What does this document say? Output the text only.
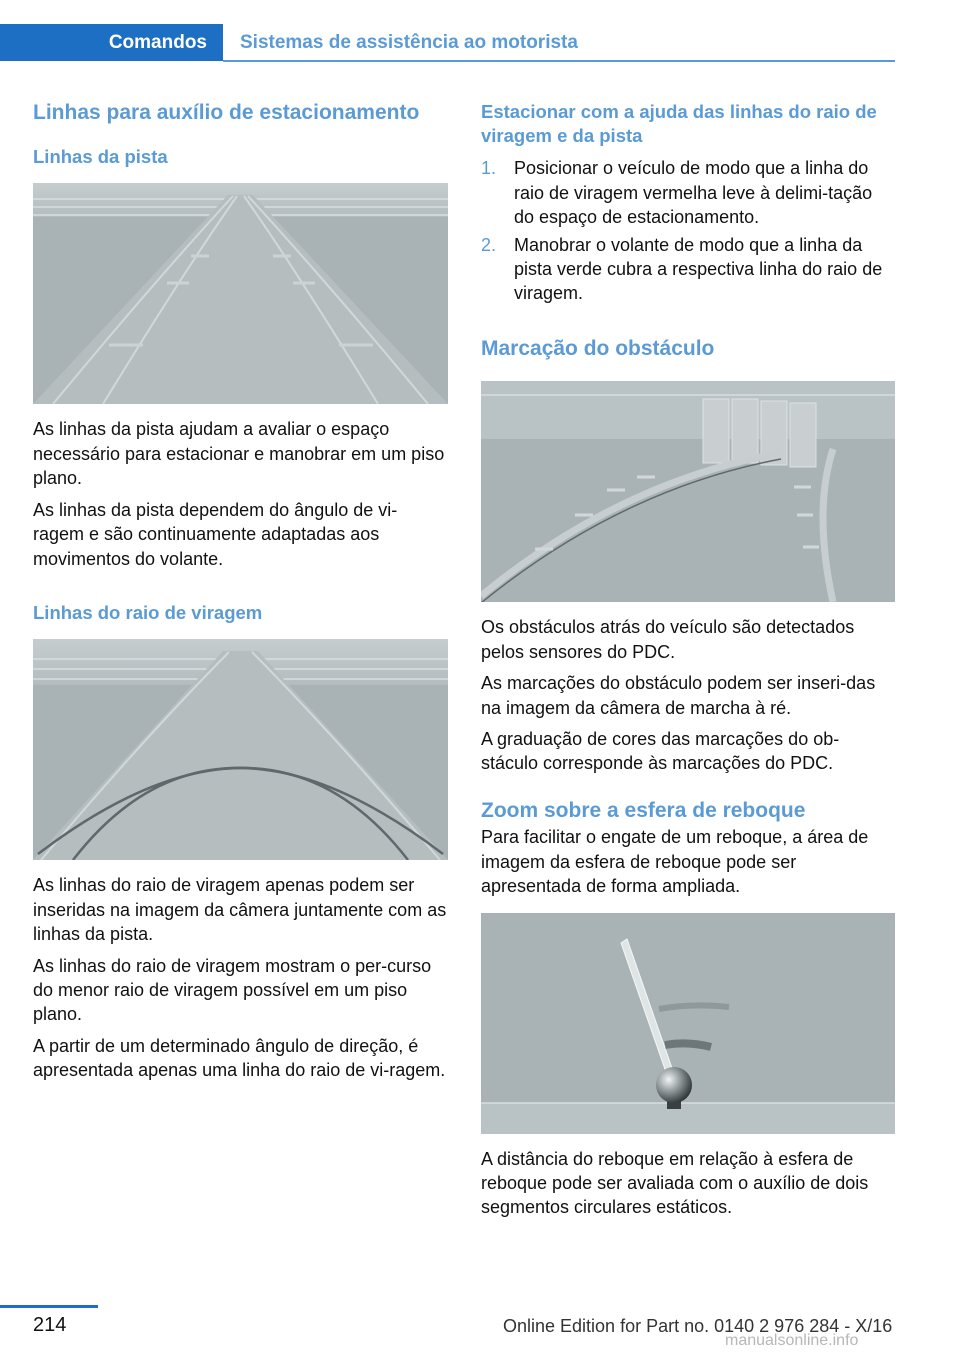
Comandos	Sistemas de assistência ao motorista
Linhas para auxílio de estacionamento
Linhas da pista
As linhas da pista ajudam a avaliar o espaço necessário para estacionar e manobrar em um piso plano.
As linhas da pista dependem do ângulo de vi‐ragem e são continuamente adaptadas aos movimentos do volante.
Linhas do raio de viragem
As linhas do raio de viragem apenas podem ser inseridas na imagem da câmera juntamente com as linhas da pista.
As linhas do raio de viragem mostram o per‐curso do menor raio de viragem possível em um piso plano.
A partir de um determinado ângulo de direção, é apresentada apenas uma linha do raio de vi‐ragem.
Estacionar com a ajuda das linhas do raio de viragem e da pista
1. Posicionar o veículo de modo que a linha do raio de viragem vermelha leve à delimi‐tação do espaço de estacionamento.
2. Manobrar o volante de modo que a linha da pista verde cubra a respectiva linha do raio de viragem.
Marcação do obstáculo
Os obstáculos atrás do veículo são detectados pelos sensores do PDC.
As marcações do obstáculo podem ser inseri‐das na imagem da câmera de marcha à ré.
A graduação de cores das marcações do ob‐stáculo corresponde às marcações do PDC.
Zoom sobre a esfera de reboque
Para facilitar o engate de um reboque, a área de imagem da esfera de reboque pode ser apresentada de forma ampliada.
A distância do reboque em relação à esfera de reboque pode ser avaliada com o auxílio de dois segmentos circulares estáticos.
214	Online Edition for Part no. 0140 2 976 284 - X/16
manualsonline.info
